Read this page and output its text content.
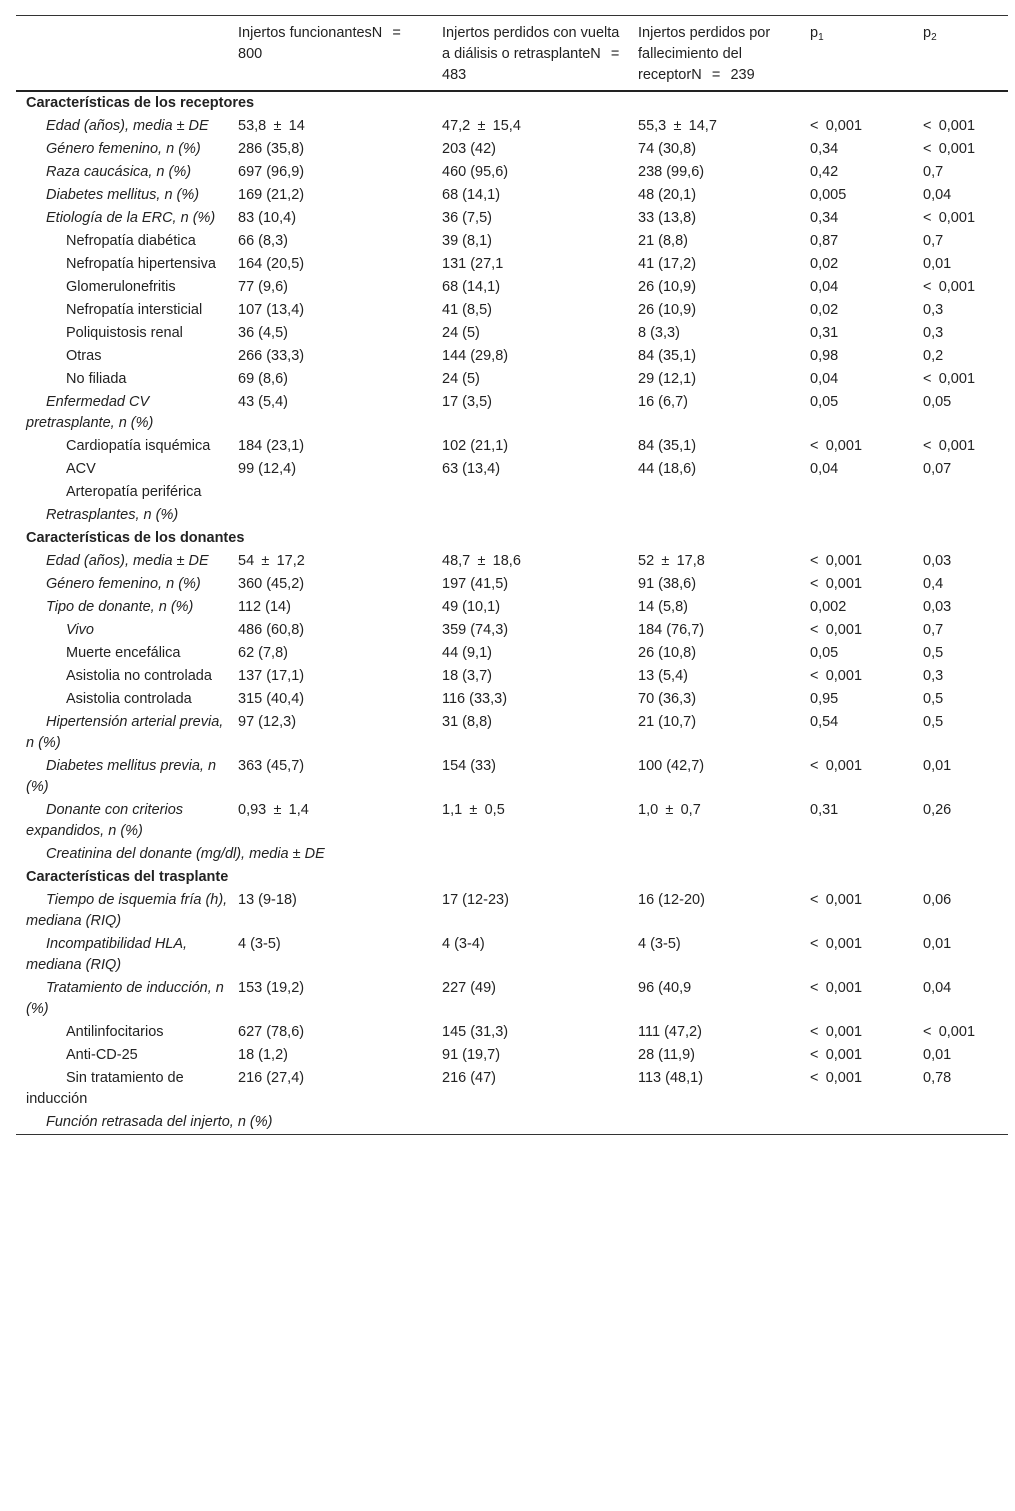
	Injertos funcionantesN  =  800	Injertos perdidos con vuelta a diálisis o retrasplanteN  =  483	Injertos perdidos por fallecimiento del receptorN  =  239	$p_1$	$p_2$
Características de los receptores					
Edad (años), media ± DE	53,8 ± 14	47,2 ± 15,4	55,3 ± 14,7	< 0,001	< 0,001
Género femenino, n (%)	286 (35,8)	203 (42)	74 (30,8)	0,34	< 0,001
Raza caucásica, n (%)	697 (96,9)	460 (95,6)	238 (99,6)	0,42	0,7
Diabetes mellitus, n (%)	169 (21,2)	68 (14,1)	48 (20,1)	0,005	0,04
Etiología de la ERC, n (%)	83 (10,4)	36 (7,5)	33 (13,8)	0,34	< 0,001
Nefropatía diabética	66 (8,3)	39 (8,1)	21 (8,8)	0,87	0,7
Nefropatía hipertensiva	164 (20,5)	131 (27,1	41 (17,2)	0,02	0,01
Glomerulonefritis	77 (9,6)	68 (14,1)	26 (10,9)	0,04	< 0,001
Nefropatía intersticial	107 (13,4)	41 (8,5)	26 (10,9)	0,02	0,3
Poliquistosis renal	36 (4,5)	24 (5)	8 (3,3)	0,31	0,3
Otras	266 (33,3)	144 (29,8)	84 (35,1)	0,98	0,2
No filiada	69 (8,6)	24 (5)	29 (12,1)	0,04	< 0,001
Enfermedad CV pretrasplante, n (%)	43 (5,4)	17 (3,5)	16 (6,7)	0,05	0,05
Cardiopatía isquémica	184 (23,1)	102 (21,1)	84 (35,1)	< 0,001	< 0,001
ACV	99 (12,4)	63 (13,4)	44 (18,6)	0,04	0,07
Arteropatía periférica					
Retrasplantes, n (%)					
Características de los donantes					
Edad (años), media ± DE	54 ± 17,2	48,7 ± 18,6	52 ± 17,8	< 0,001	0,03
Género femenino, n (%)	360 (45,2)	197 (41,5)	91 (38,6)	< 0,001	0,4
Tipo de donante, n (%)	112 (14)	49 (10,1)	14 (5,8)	0,002	0,03
Vivo	486 (60,8)	359 (74,3)	184 (76,7)	< 0,001	0,7
Muerte encefálica	62 (7,8)	44 (9,1)	26 (10,8)	0,05	0,5
Asistolia no controlada	137 (17,1)	18 (3,7)	13 (5,4)	< 0,001	0,3
Asistolia controlada	315 (40,4)	116 (33,3)	70 (36,3)	0,95	0,5
Hipertensión arterial previa, n (%)	97 (12,3)	31 (8,8)	21 (10,7)	0,54	0,5
Diabetes mellitus previa, n (%)	363 (45,7)	154 (33)	100 (42,7)	< 0,001	0,01
Donante con criterios expandidos, n (%)	0,93 ± 1,4	1,1 ± 0,5	1,0 ± 0,7	0,31	0,26
Creatinina del donante (mg/dl), media ± DE					
Características del trasplante					
Tiempo de isquemia fría (h), mediana (RIQ)	13 (9-18)	17 (12-23)	16 (12-20)	< 0,001	0,06
Incompatibilidad HLA, mediana (RIQ)	4 (3-5)	4 (3-4)	4 (3-5)	< 0,001	0,01
Tratamiento de inducción, n (%)	153 (19,2)	227 (49)	96 (40,9	< 0,001	0,04
Antilinfocitarios	627 (78,6)	145 (31,3)	111 (47,2)	< 0,001	< 0,001
Anti-CD-25	18 (1,2)	91 (19,7)	28 (11,9)	< 0,001	0,01
Sin tratamiento de inducción	216 (27,4)	216 (47)	113 (48,1)	< 0,001	0,78
Función retrasada del injerto, n (%)					
